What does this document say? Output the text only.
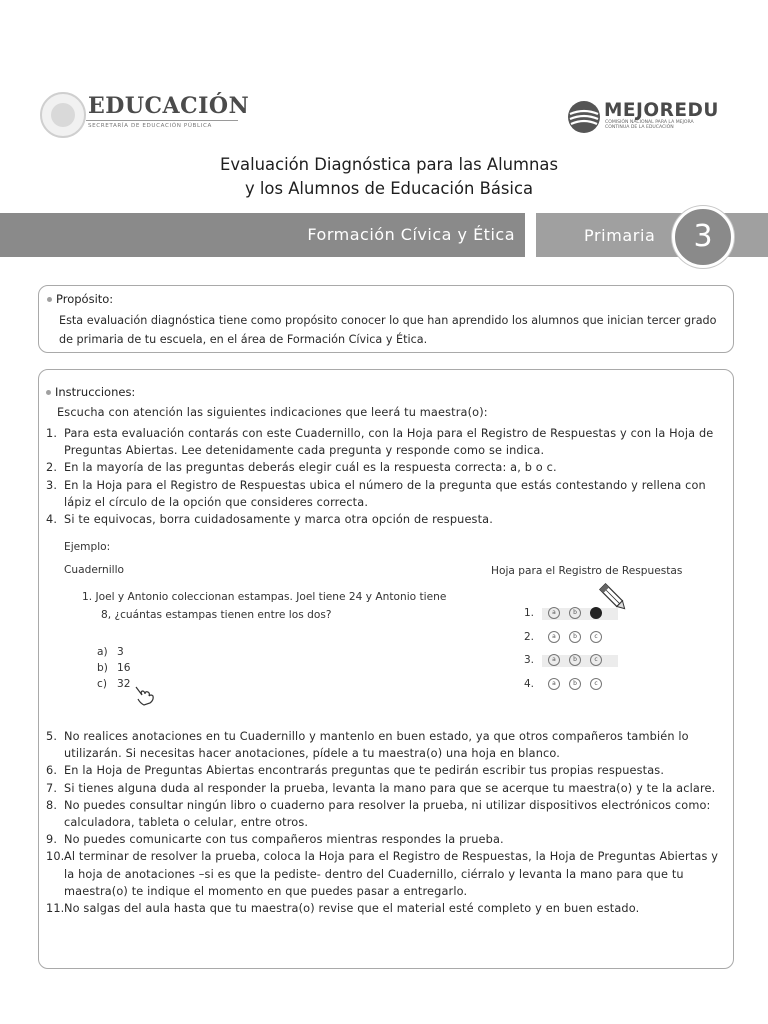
EDUCACIÓN
SECRETARÍA DE EDUCACIÓN PÚBLICA
MEJOREDU
COMISIÓN NACIONAL PARA LA MEJORA
CONTINUA DE LA EDUCACIÓN
Evaluación Diagnóstica para las Alumnas
y los Alumnos de Educación Básica
Formación Cívica y Ética	Primaria	3
Propósito:
Esta evaluación diagnóstica tiene como propósito conocer lo que han aprendido los alumnos que inician tercer grado de primaria de tu escuela, en el área de Formación Cívica y Ética.
Instrucciones:
Escucha con atención las siguientes indicaciones que leerá tu maestra(o):
1. Para esta evaluación contarás con este Cuadernillo, con la Hoja para el Registro de Respuestas y con la Hoja de Preguntas Abiertas. Lee detenidamente cada pregunta y responde como se indica.
2. En la mayoría de las preguntas deberás elegir cuál es la respuesta correcta: a, b o c.
3. En la Hoja para el Registro de Respuestas ubica el número de la pregunta que estás contestando y rellena con lápiz el círculo de la opción que consideres correcta.
4. Si te equivocas, borra cuidadosamente y marca otra opción de respuesta.
Ejemplo:
Cuadernillo
1. Joel y Antonio coleccionan estampas. Joel tiene 24 y Antonio tiene
8, ¿cuántas estampas tienen entre los dos?
a) 3
b) 16
c) 32
Hoja para el Registro de Respuestas
1.	a	b	c
2.	a	b	c
3.	a	b	c
4.	a	b	c
5. No realices anotaciones en tu Cuadernillo y mantenlo en buen estado, ya que otros compañeros también lo utilizarán. Si necesitas hacer anotaciones, pídele a tu maestra(o) una hoja en blanco.
6. En la Hoja de Preguntas Abiertas encontrarás preguntas que te pedirán escribir tus propias respuestas.
7. Si tienes alguna duda al responder la prueba, levanta la mano para que se acerque tu maestra(o) y te la aclare.
8. No puedes consultar ningún libro o cuaderno para resolver la prueba, ni utilizar dispositivos electrónicos como: calculadora, tableta o celular, entre otros.
9. No puedes comunicarte con tus compañeros mientras respondes la prueba.
10. Al terminar de resolver la prueba, coloca la Hoja para el Registro de Respuestas, la Hoja de Preguntas Abiertas y la hoja de anotaciones –si es que la pediste- dentro del Cuadernillo, ciérralo y levanta la mano para que tu maestra(o) te indique el momento en que puedes pasar a entregarlo.
11. No salgas del aula hasta que tu maestra(o) revise que el material esté completo y en buen estado.
